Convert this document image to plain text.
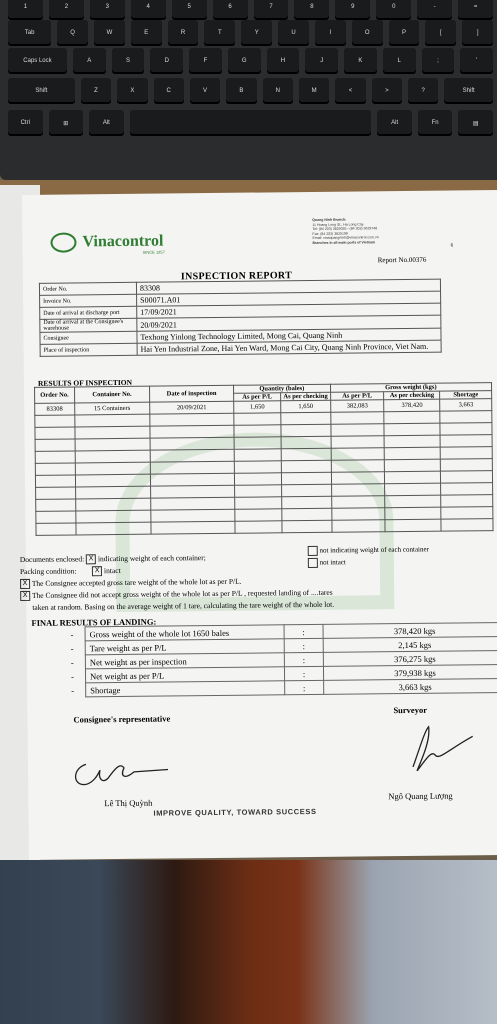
1	2	3	4	5	6	7	8	9	0	-	=
Tab	Q	W	E	R	T	Y	U	I	O	P	[	]
Caps Lock	A	S	D	F	G	H	J	K	L	;	'
Shift	Z	X	C	V	B	N	M	<	>	?	Shift
Ctrl	⊞	Alt	Alt	Fn	▤
Vinacontrol
SINCE 1957
Quang Ninh Branch:
11 Hoang Long St., Ha Long City
Tel: (84 203) 3825035 - (84 203) 3629748
Fax: (84 203) 3825199
Email: vinaquangninh@vinacontrol.com.vn
Branches in all main ports of Vietnam
6
Report No.00376
INSPECTION REPORT
Order No.	83308
Invoice No.	S00071.A01
Date of arrival at discharge port	17/09/2021
Date of arrival at the Consignee's warehouse	20/09/2021
Consignee	Texhong Yinlong Technology Limited, Mong Cai, Quang Ninh
Place of inspection	Hai Yen Industrial Zone, Hai Yen Ward, Mong Cai City, Quang Ninh Province, Viet Nam.
RESULTS OF INSPECTION
Order No.	Container No.	Date of inspection	Quantity (bales)		Gross weight (kgs)		
			As per P/L	As per checking	As per P/L	As per checking	Shortage
83308	15 Containers	20/09/2021	1,650	1,650	382,083	378,420	3,663

Documents enclosed: X indicating weight of each container;
not indicating weight of each container
Packing condition:	X intact
not intact
X The Consignee accepted gross tare weight of the whole lot as per P/L.
X The Consignee did not accept gross weight of the whole lot as per P/L , requested landing of ....tares
taken at random. Basing on the average weight of 1 tare, calculating the tare weight of the whole lot.
FINAL RESULTS OF LANDING:
-	Gross weight of the whole lot 1650 bales	:	378,420 kgs
-	Tare weight as per P/L	:	2,145 kgs
-	Net weight as per inspection	:	376,275 kgs
-	Net weight as per P/L	:	379,938 kgs
-	Shortage	:	3,663 kgs
Consignee's representative
Surveyor
Lê Thị Quỳnh
Ngô Quang Lượng
IMPROVE QUALITY, TOWARD SUCCESS
